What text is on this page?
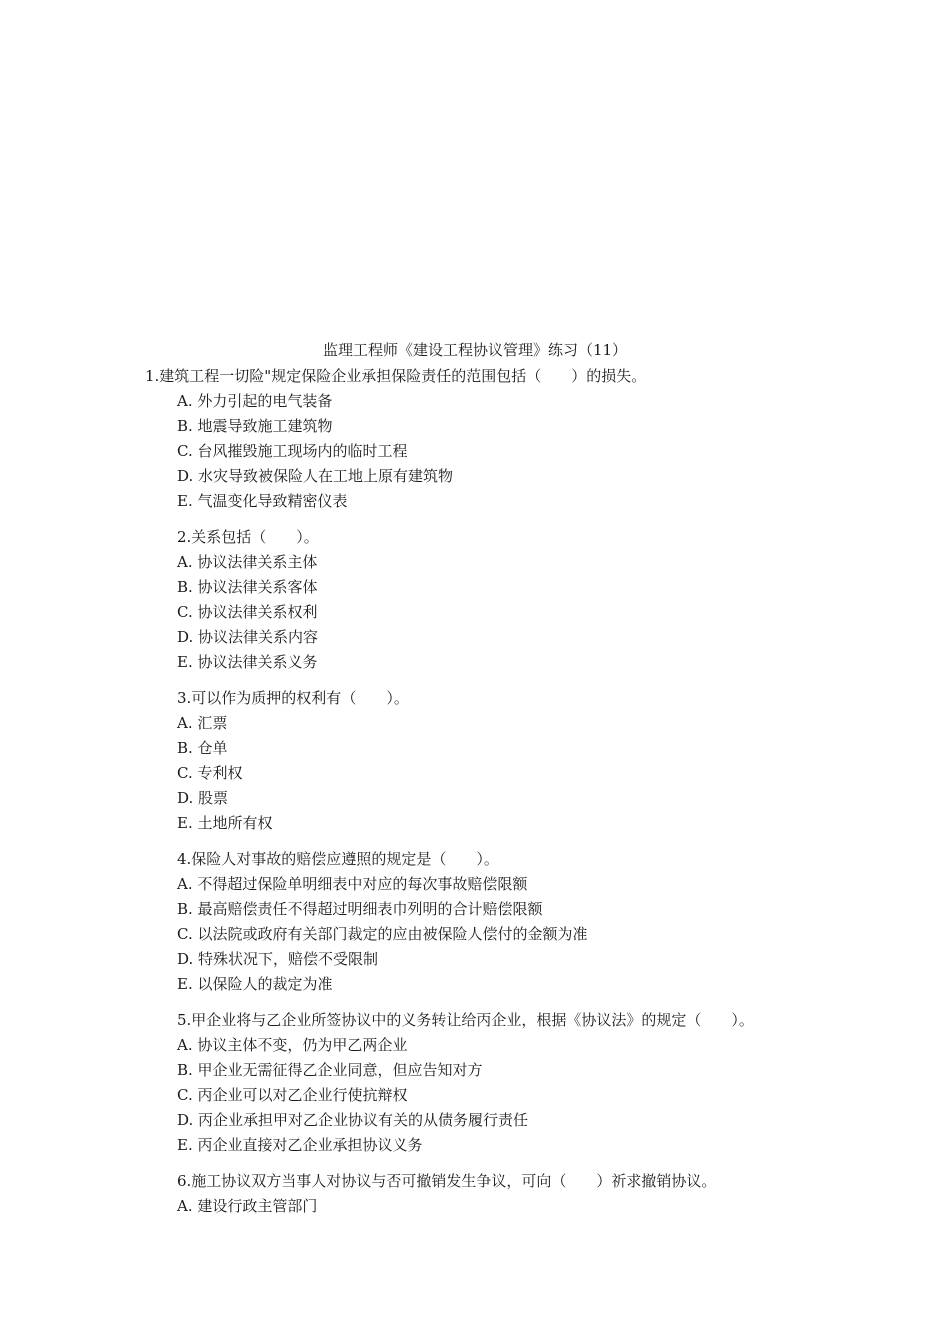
监理工程师《建设工程协议管理》练习（11）
1.建筑工程一切险"规定保险企业承担保险责任的范围包括（　　）的损失。
A. 外力引起的电气装备
B. 地震导致施工建筑物
C. 台风摧毁施工现场内的临时工程
D. 水灾导致被保险人在工地上原有建筑物
E. 气温变化导致精密仪表
2.关系包括（　　）。
A. 协议法律关系主体
B. 协议法律关系客体
C. 协议法律关系权利
D. 协议法律关系内容
E. 协议法律关系义务
3.可以作为质押的权利有（　　）。
A. 汇票
B. 仓单
C. 专利权
D. 股票
E. 土地所有权
4.保险人对事故的赔偿应遵照的规定是（　　）。
A. 不得超过保险单明细表中对应的每次事故赔偿限额
B. 最高赔偿责任不得超过明细表巾列明的合计赔偿限额
C. 以法院或政府有关部门裁定的应由被保险人偿付的金额为准
D. 特殊状况下，赔偿不受限制
E. 以保险人的裁定为准
5.甲企业将与乙企业所签协议中的义务转让给丙企业，根据《协议法》的规定（　　）。
A. 协议主体不变，仍为甲乙两企业
B. 甲企业无需征得乙企业同意，但应告知对方
C. 丙企业可以对乙企业行使抗辩权
D. 丙企业承担甲对乙企业协议有关的从债务履行责任
E. 丙企业直接对乙企业承担协议义务
6.施工协议双方当事人对协议与否可撤销发生争议，可向（　　）祈求撤销协议。
A. 建设行政主管部门
